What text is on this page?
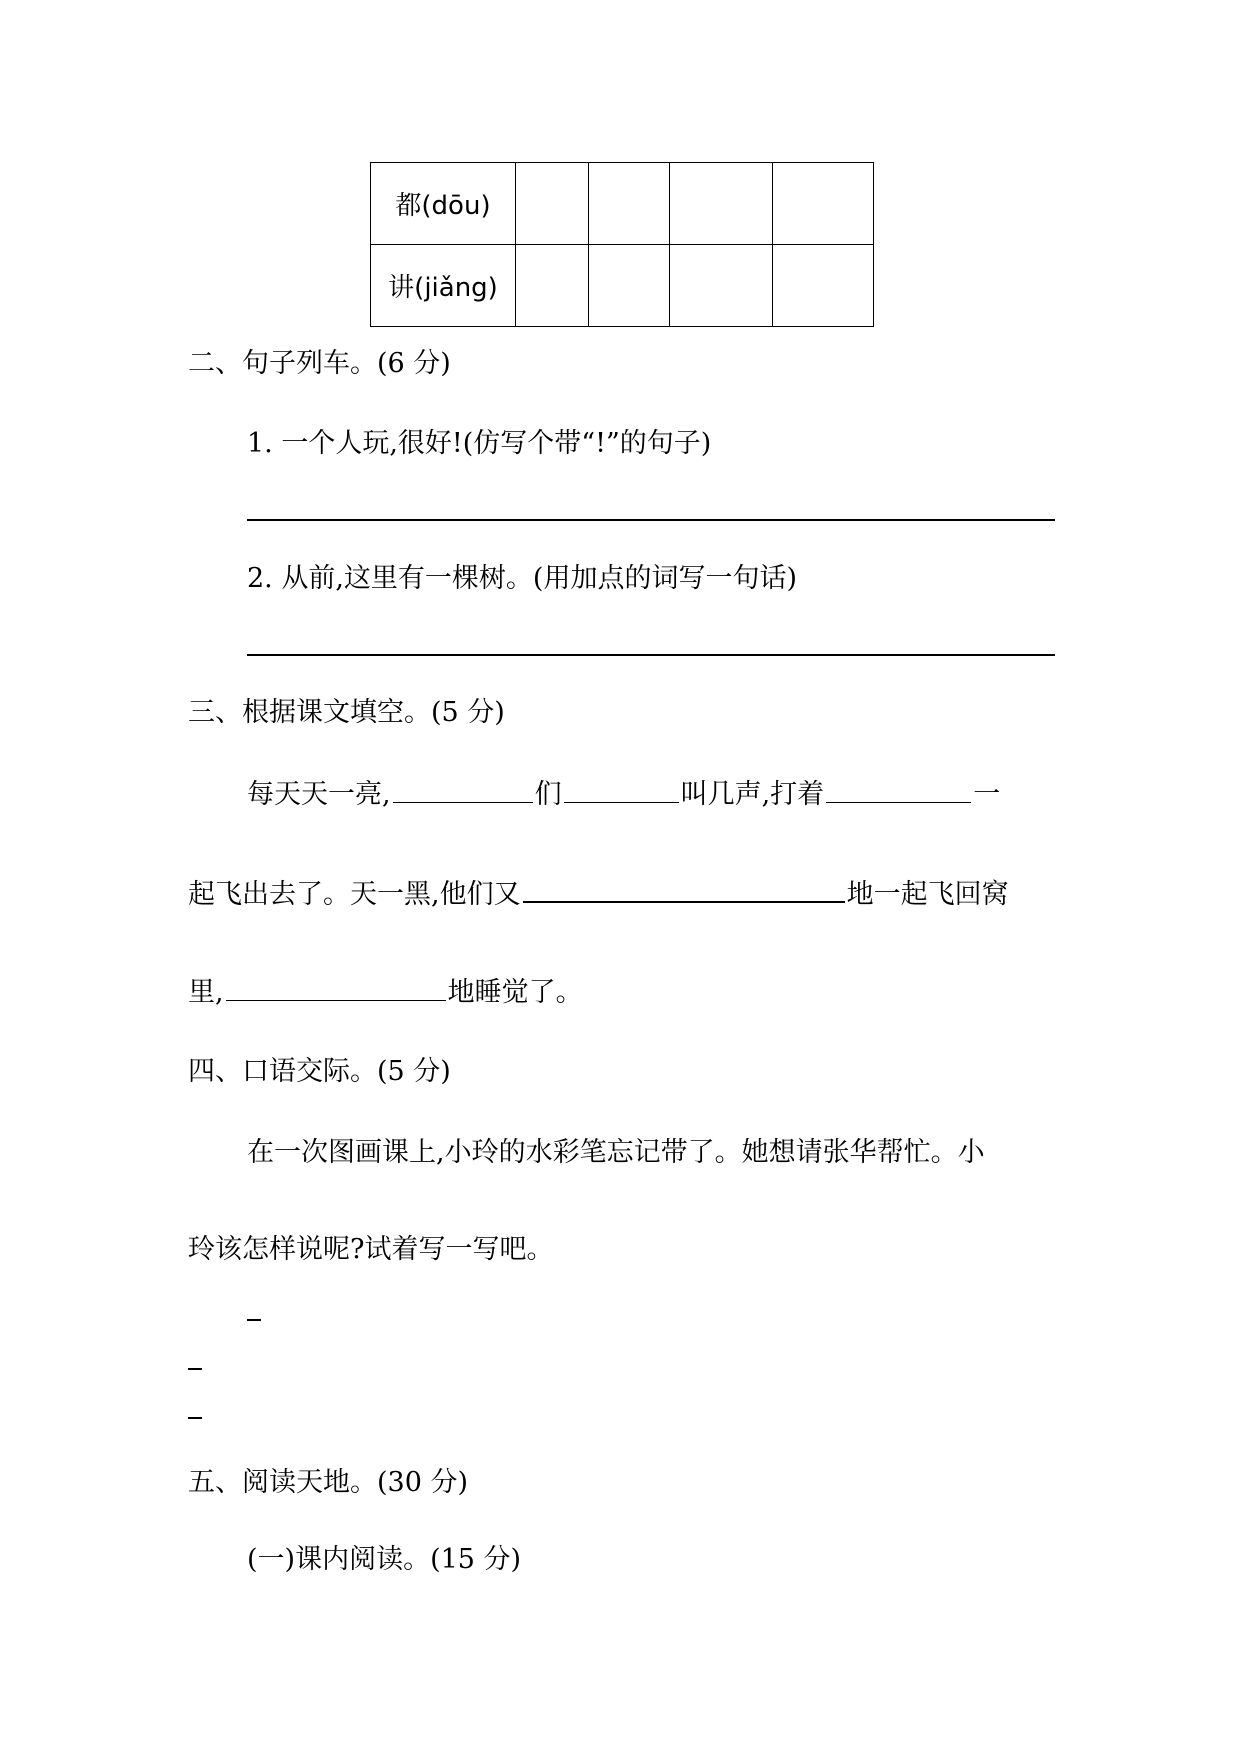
都(dōu)				
讲(jiǎng)				
二、句子列车。(6 分)
1. 一个人玩,很好!(仿写个带“!”的句子)
2. 从前,这里有一棵树。(用加点的词写一句话)
三、根据课文填空。(5 分)
每天天一亮,	们	叫几声,打着	一
起飞出去了。天一黑,他们又	地一起飞回窝
里,	地睡觉了。
四、口语交际。(5 分)
在一次图画课上,小玲的水彩笔忘记带了。她想请张华帮忙。小
玲该怎样说呢?试着写一写吧。
五、阅读天地。(30 分)
(一)课内阅读。(15 分)
